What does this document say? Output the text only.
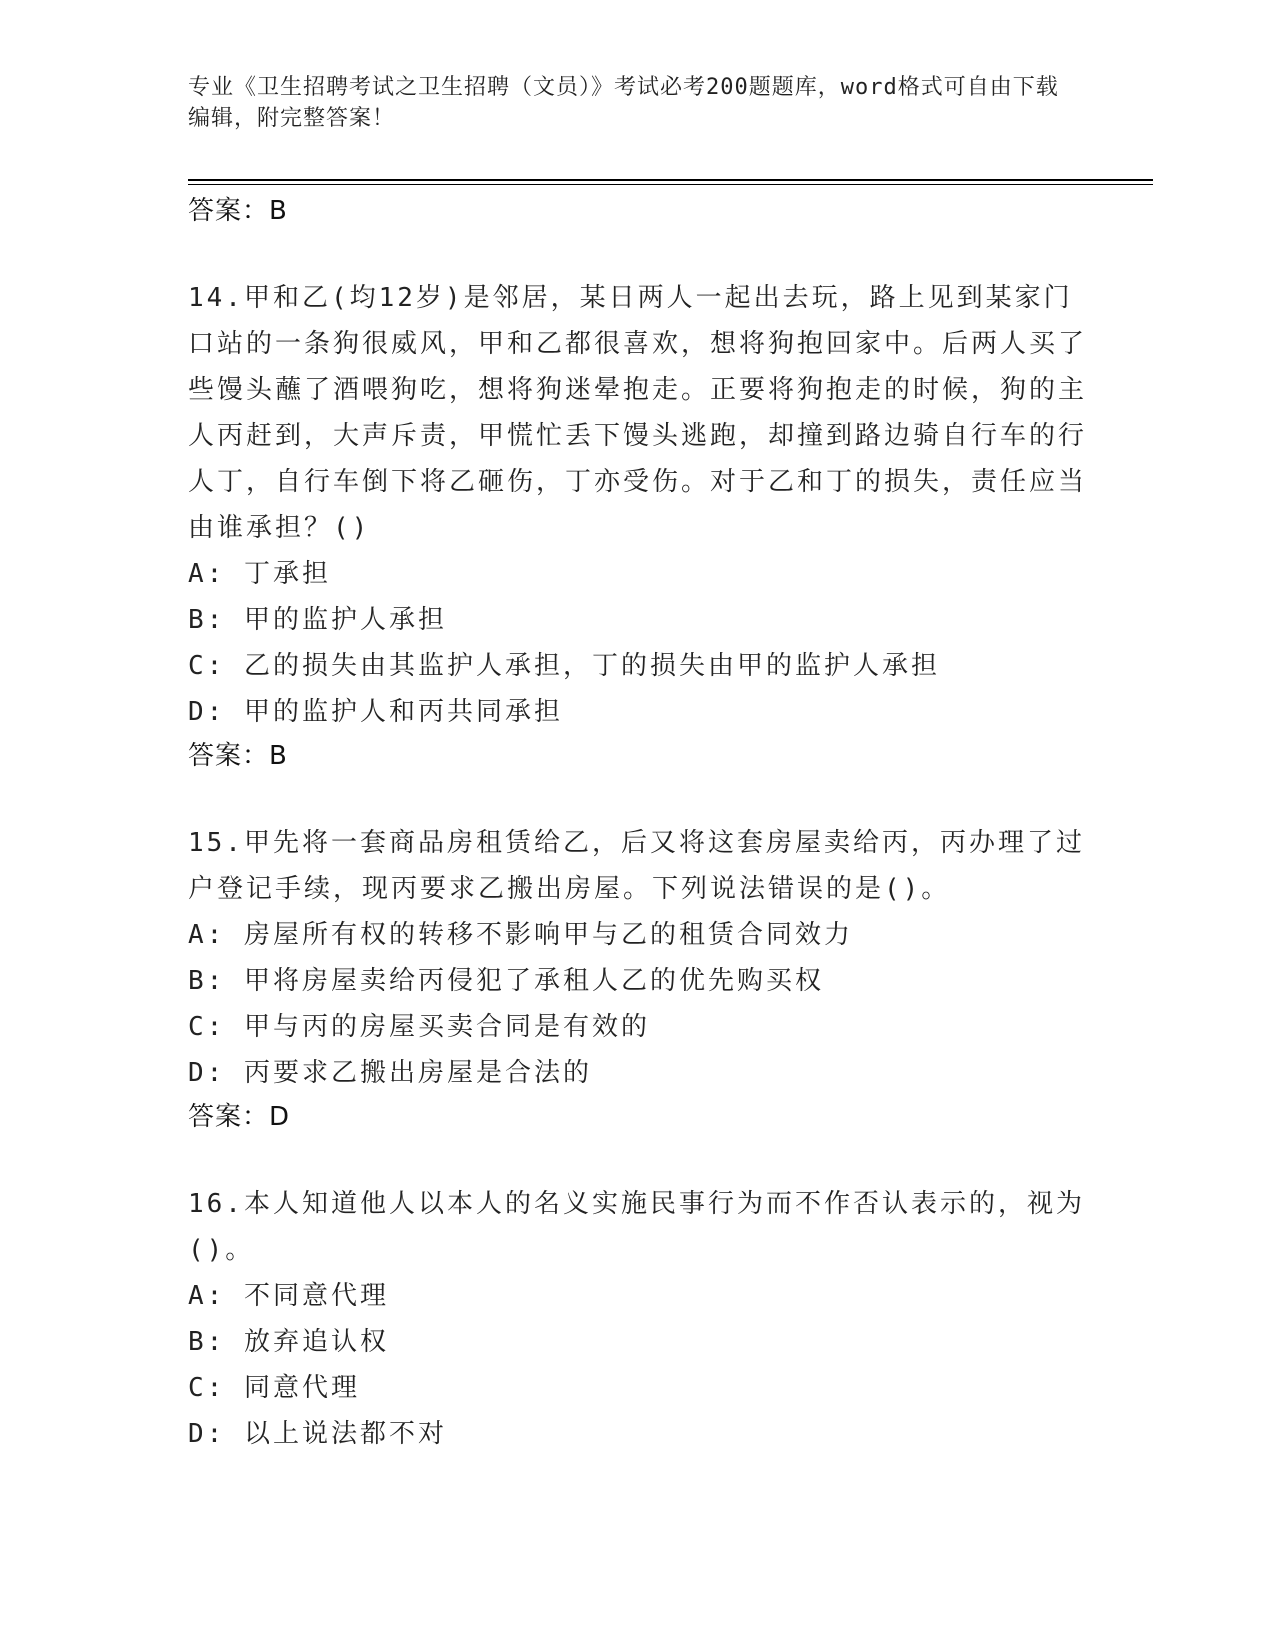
专业《卫生招聘考试之卫生招聘（文员）》考试必考200题题库，word格式可自由下载编辑，附完整答案！
答案：B
14.甲和乙(均12岁)是邻居，某日两人一起出去玩，路上见到某家门口站的一条狗很威风，甲和乙都很喜欢，想将狗抱回家中。后两人买了些馒头蘸了酒喂狗吃，想将狗迷晕抱走。正要将狗抱走的时候，狗的主人丙赶到，大声斥责，甲慌忙丢下馒头逃跑，却撞到路边骑自行车的行人丁，自行车倒下将乙砸伤，丁亦受伤。对于乙和丁的损失，责任应当由谁承担？()
A: 丁承担
B: 甲的监护人承担
C: 乙的损失由其监护人承担，丁的损失由甲的监护人承担
D: 甲的监护人和丙共同承担
答案：B
15.甲先将一套商品房租赁给乙，后又将这套房屋卖给丙，丙办理了过户登记手续，现丙要求乙搬出房屋。下列说法错误的是()。
A: 房屋所有权的转移不影响甲与乙的租赁合同效力
B: 甲将房屋卖给丙侵犯了承租人乙的优先购买权
C: 甲与丙的房屋买卖合同是有效的
D: 丙要求乙搬出房屋是合法的
答案：D
16.本人知道他人以本人的名义实施民事行为而不作否认表示的，视为()。
A: 不同意代理
B: 放弃追认权
C: 同意代理
D: 以上说法都不对
